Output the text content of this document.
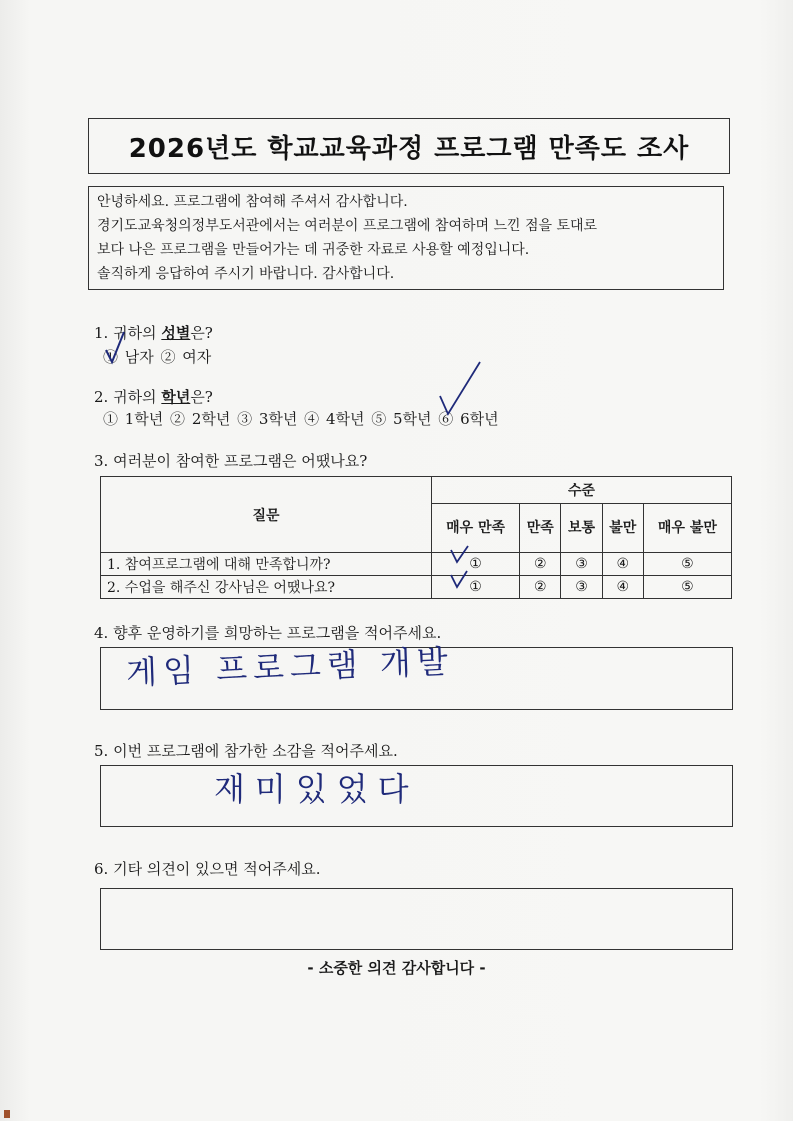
2026년도 학교교육과정 프로그램 만족도 조사

안녕하세요. 프로그램에 참여해 주셔서 감사합니다.

경기도교육청의정부도서관에서는 여러분이 프로그램에 참여하며 느낀 점을 토대로

보다 나은 프로그램을 만들어가는 데 귀중한 자료로 사용할 예정입니다.

솔직하게 응답하여 주시기 바랍니다. 감사합니다.

1. 귀하의 성별은?
① 남자 ② 여자
2. 귀하의 학년은?
① 1학년 ② 2학년 ③ 3학년 ④ 4학년 ⑤ 5학년 ⑥ 6학년
3. 여러분이 참여한 프로그램은 어땠나요?
질문	수준				
	매우 만족	만족	보통	불만	매우 불만
1. 참여프로그램에 대해 만족합니까?	①	②	③	④	⑤
2. 수업을 해주신 강사님은 어땠나요?	①	②	③	④	⑤
4. 향후 운영하기를 희망하는 프로그램을 적어주세요.
게임 프로그램 개발
5. 이번 프로그램에 참가한 소감을 적어주세요.
재미있었다
6. 기타 의견이 있으면 적어주세요.
- 소중한 의견 감사합니다 -
